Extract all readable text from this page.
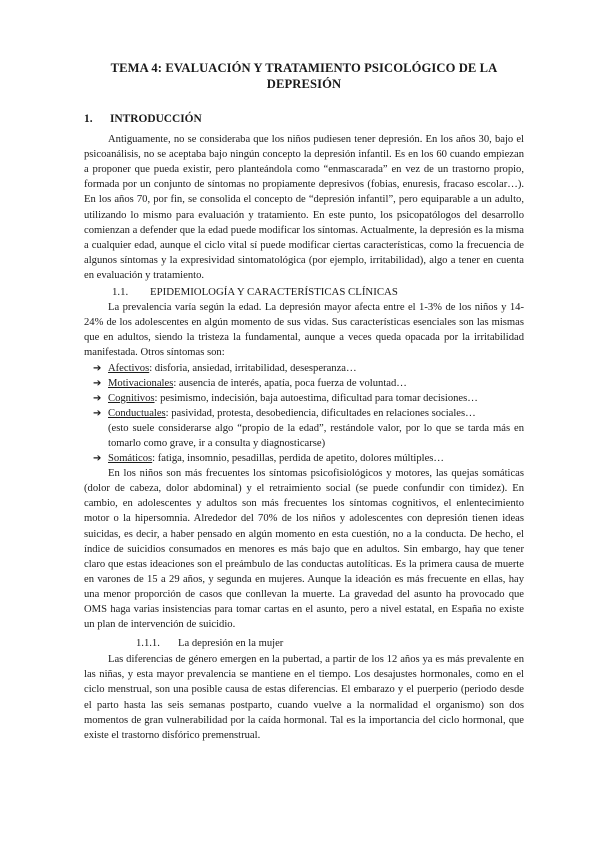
TEMA 4: EVALUACIÓN Y TRATAMIENTO PSICOLÓGICO DE LA
DEPRESIÓN
1.	INTRODUCCIÓN

Antiguamente, no se consideraba que los niños pudiesen tener depresión. En los años 30, bajo el psicoanálisis, no se aceptaba bajo ningún concepto la depresión infantil. Es en los 60 cuando empiezan a proponer que pueda existir, pero planteándola como “enmascarada” en vez de un trastorno propio, formada por un conjunto de síntomas no propiamente depresivos (fobias, enuresis, fracaso escolar…). En los años 70, por fin, se consolida el concepto de “depresión infantil”, pero equiparable a un adulto, utilizando lo mismo para evaluación y tratamiento. En este punto, los psicopatólogos del desarrollo comienzan a defender que la edad puede modificar los síntomas. Actualmente, la depresión es la misma a cualquier edad, aunque el ciclo vital sí puede modificar ciertas características, como la frecuencia de algunos síntomas y la expresividad sintomatológica (por ejemplo, irritabilidad), algo a tener en cuenta en evaluación y tratamiento.

1.1.	EPIDEMIOLOGÍA Y CARACTERÍSTICAS CLÍNICAS

La prevalencia varía según la edad. La depresión mayor afecta entre el 1-3% de los niños y 14-24% de los adolescentes en algún momento de sus vidas. Sus características esenciales son las mismas que en adultos, siendo la tristeza la fundamental, aunque a veces queda opacada por la irritabilidad manifestada. Otros síntomas son:

➔ Afectivos: disforia, ansiedad, irritabilidad, desesperanza…
➔ Motivacionales: ausencia de interés, apatía, poca fuerza de voluntad…
➔ Cognitivos: pesimismo, indecisión, baja autoestima, dificultad para tomar decisiones…
➔ Conductuales: pasividad, protesta, desobediencia, dificultades en relaciones sociales…
(esto suele considerarse algo “propio de la edad”, restándole valor, por lo que se tarda más en tomarlo como grave, ir a consulta y diagnosticarse)
➔ Somáticos: fatiga, insomnio, pesadillas, perdida de apetito, dolores múltiples…

En los niños son más frecuentes los síntomas psicofisiológicos y motores, las quejas somáticas (dolor de cabeza, dolor abdominal) y el retraimiento social (se puede confundir con timidez). En cambio, en adolescentes y adultos son más frecuentes los síntomas cognitivos, el enlentecimiento motor o la hipersomnia. Alrededor del 70% de los niños y adolescentes con depresión tienen ideas suicidas, es decir, a haber pensado en algún momento en esta cuestión, no a la conducta. De hecho, el índice de suicidios consumados en menores es más bajo que en adultos. Sin embargo, hay que tener claro que estas ideaciones son el preámbulo de las conductas autolíticas. Es la primera causa de muerte en varones de 15 a 29 años, y segunda en mujeres. Aunque la ideación es más frecuente en ellas, hay una menor proporción de casos que conllevan la muerte. La gravedad del asunto ha provocado que OMS haga varias insistencias para tomar cartas en el asunto, pero a nivel estatal, en España no existe un plan de intervención de suicidio.

1.1.1.	La depresión en la mujer

Las diferencias de género emergen en la pubertad, a partir de los 12 años ya es más prevalente en las niñas, y esta mayor prevalencia se mantiene en el tiempo. Los desajustes hormonales, como en el ciclo menstrual, son una posible causa de estas diferencias. El embarazo y el puerperio (periodo desde el parto hasta las seis semanas postparto, cuando vuelve a la normalidad el organismo) son dos momentos de gran vulnerabilidad por la caída hormonal. Tal es la importancia del ciclo hormonal, que existe el trastorno disfórico premenstrual.
